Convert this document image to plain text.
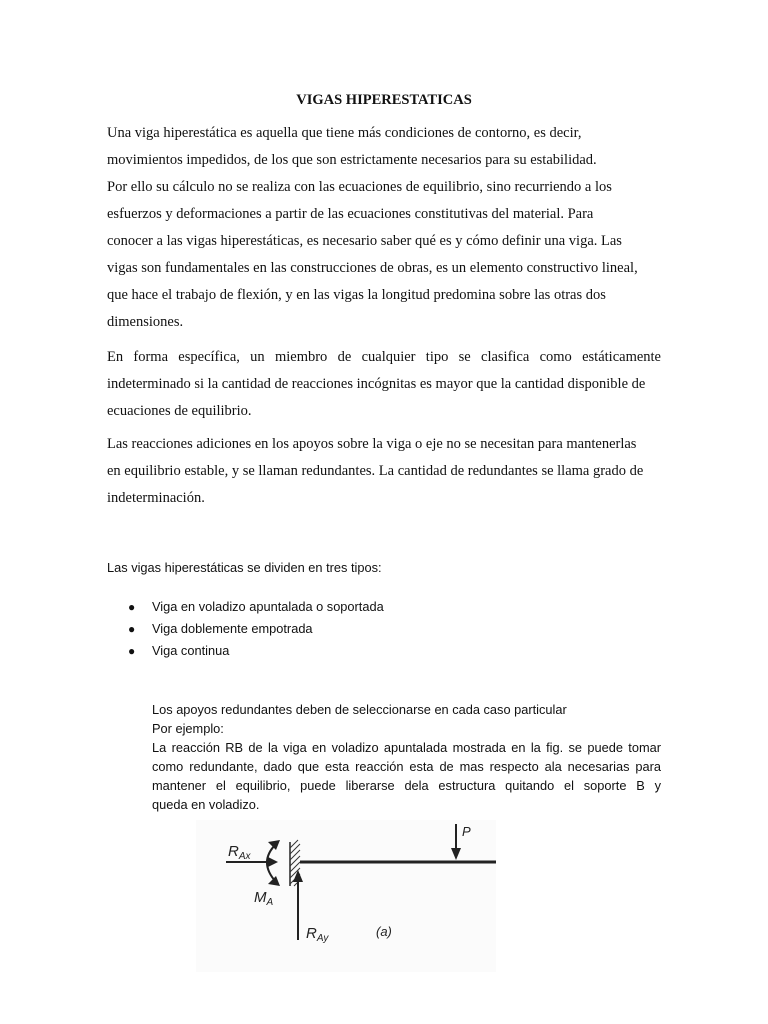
VIGAS HIPERESTATICAS

Una viga hiperestática es aquella que tiene más condiciones de contorno, es decir,
movimientos impedidos, de los que son estrictamente necesarios para su estabilidad.
Por ello su cálculo no se realiza con las ecuaciones de equilibrio, sino recurriendo a los
esfuerzos y deformaciones a partir de las ecuaciones constitutivas del material. Para
conocer a las vigas hiperestáticas, es necesario saber qué es y cómo definir una viga. Las
vigas son fundamentales en las construcciones de obras, es un elemento constructivo lineal,
que hace el trabajo de flexión, y en las vigas la longitud predomina sobre las otras dos
dimensiones.

En forma específica, un miembro de cualquier tipo se clasifica como estáticamente
indeterminado si la cantidad de reacciones incógnitas es mayor que la cantidad disponible de
ecuaciones de equilibrio.

Las reacciones adiciones en los apoyos sobre la viga o eje no se necesitan para mantenerlas
en equilibrio estable, y se llaman redundantes. La cantidad de redundantes se llama grado de
indeterminación.

Las vigas hiperestáticas se dividen en tres tipos:
● Viga en voladizo apuntalada o soportada
● Viga doblemente empotrada
● Viga continua
Los apoyos redundantes deben de seleccionarse en cada caso particular
Por ejemplo:
La reacción RB de la viga en voladizo apuntalada mostrada en la fig. se puede tomar
como redundante, dado que esta reacción esta de mas respecto ala necesarias para
mantener el equilibrio, puede liberarse dela estructura quitando el soporte B y
queda en voladizo.
$R_{Ax}$
$M_A$
$R_{Ay}$
P
(a)
